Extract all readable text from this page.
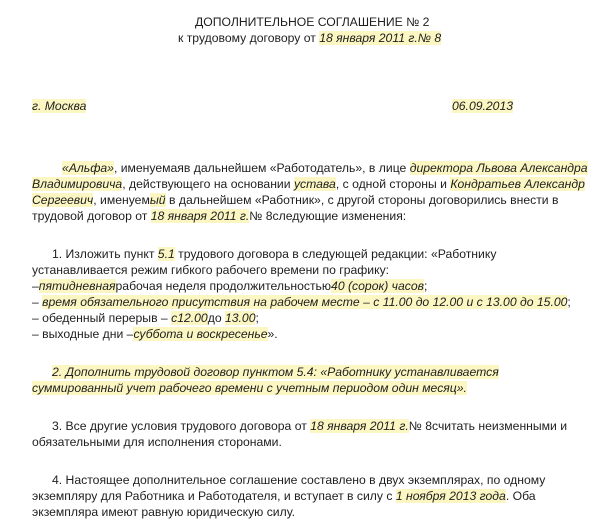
ДОПОЛНИТЕЛЬНОЕ СОГЛАШЕНИЕ № 2
к трудовому договору от 18 января 2011 г.№ 8
г. Москва	06.09.2013
«Альфа», именуемаяв дальнейшем «Работодатель», в лице директора Львова Александра
Владимировича, действующего на основании устава, с одной стороны и Кондратьев Александр
Сергеевич, именуемый в дальнейшем «Работник», с другой стороны договорились внести в
трудовой договор от 18 января 2011 г.№ 8следующие изменения:
1. Изложить пункт 5.1 трудового договора в следующей редакции: «Работнику
устанавливается режим гибкого рабочего времени по графику:
–пятидневнаярабочая неделя продолжительностью40 (сорок) часов;
– время обязательного присутствия на рабочем месте – с 11.00 до 12.00 и с 13.00 до 15.00;
– обеденный перерыв – с12.00до 13.00;
– выходные дни –суббота и воскресенье».
2. Дополнить трудовой договор пунктом 5.4: «Работнику устанавливается
суммированный учет рабочего времени с учетным периодом один месяц».
3. Все другие условия трудового договора от 18 января 2011 г.№ 8считать неизменными и
обязательными для исполнения сторонами.
4. Настоящее дополнительное соглашение составлено в двух экземплярах, по одному
экземпляру для Работника и Работодателя, и вступает в силу с 1 ноября 2013 года. Оба
экземпляра имеют равную юридическую силу.
